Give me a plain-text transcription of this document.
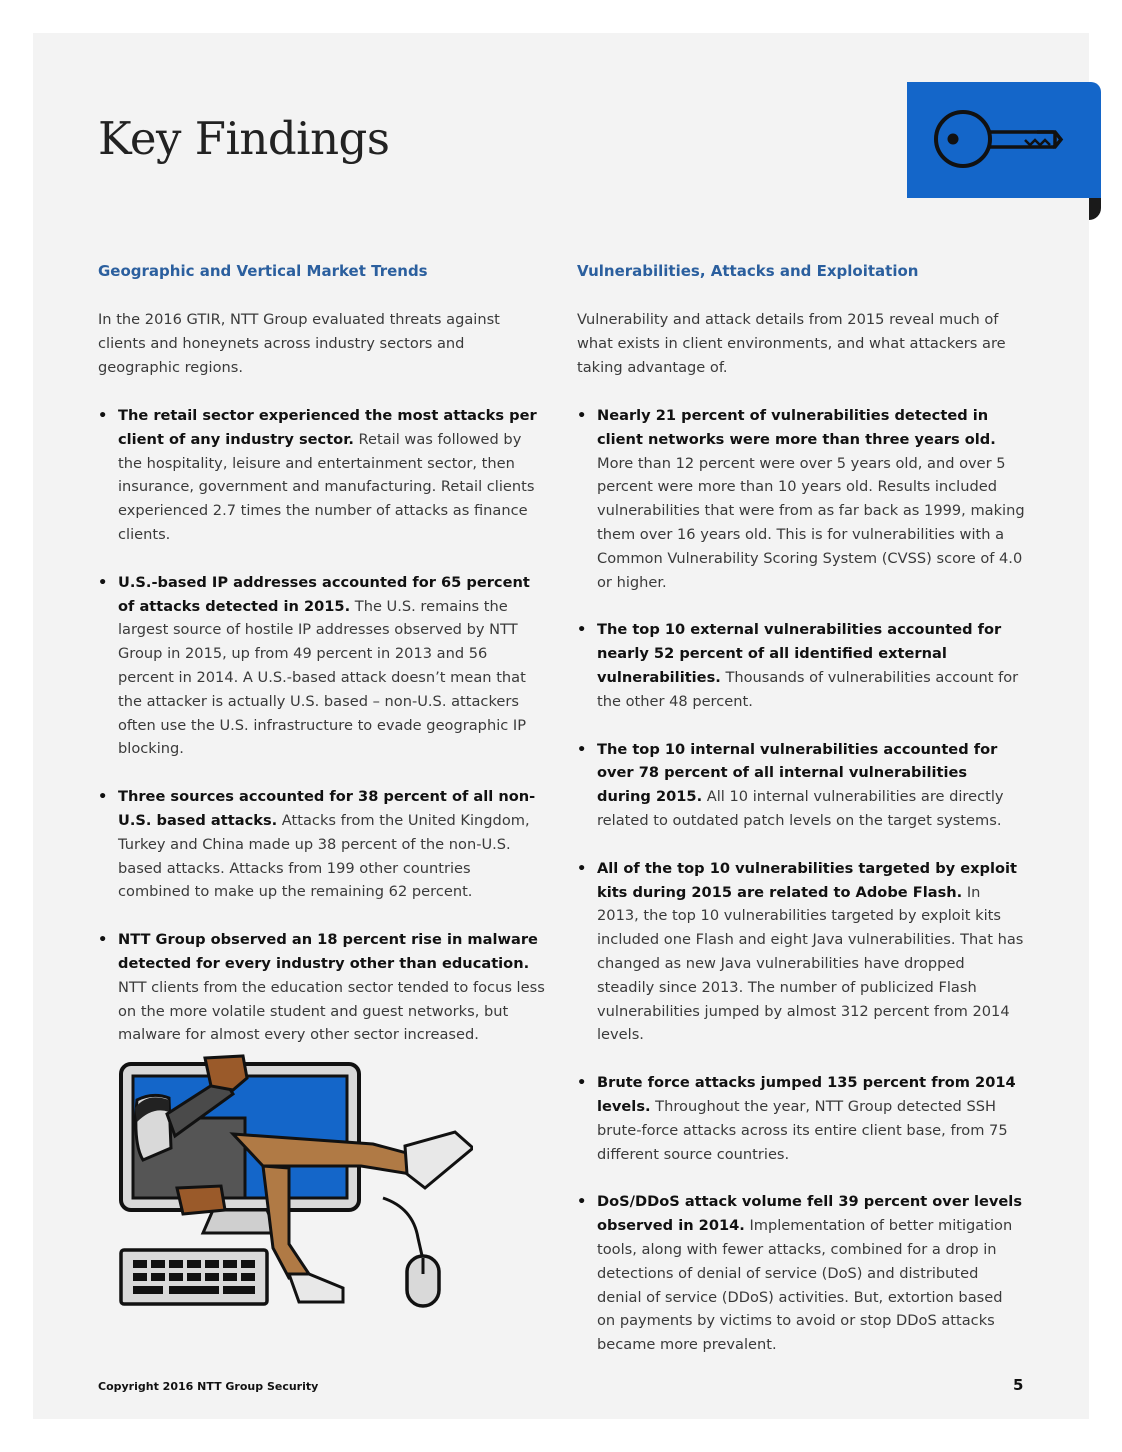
Key Findings
Geographic and Vertical Market Trends

In the 2016 GTIR, NTT Group evaluated threats against clients and honeynets across industry sectors and geographic regions.

• The retail sector experienced the most attacks per client of any industry sector. Retail was followed by the hospitality, leisure and entertainment sector, then insurance, government and manufacturing. Retail clients experienced 2.7 times the number of attacks as finance clients.
• U.S.-based IP addresses accounted for 65 percent of attacks detected in 2015. The U.S. remains the largest source of hostile IP addresses observed by NTT Group in 2015, up from 49 percent in 2013 and 56 percent in 2014. A U.S.-based attack doesn’t mean that the attacker is actually U.S. based – non-U.S. attackers often use the U.S. infrastructure to evade geographic IP blocking.
• Three sources accounted for 38 percent of all non-U.S. based attacks. Attacks from the United Kingdom, Turkey and China made up 38 percent of the non-U.S. based attacks. Attacks from 199 other countries combined to make up the remaining 62 percent.
• NTT Group observed an 18 percent rise in malware detected for every industry other than education. NTT clients from the education sector tended to focus less on the more volatile student and guest networks, but malware for almost every other sector increased.
Vulnerabilities, Attacks and Exploitation

Vulnerability and attack details from 2015 reveal much of what exists in client environments, and what attackers are taking advantage of.

• Nearly 21 percent of vulnerabilities detected in client networks were more than three years old. More than 12 percent were over 5 years old, and over 5 percent were more than 10 years old. Results included vulnerabilities that were from as far back as 1999, making them over 16 years old. This is for vulnerabilities with a Common Vulnerability Scoring System (CVSS) score of 4.0 or higher.
• The top 10 external vulnerabilities accounted for nearly 52 percent of all identified external vulnerabilities. Thousands of vulnerabilities account for the other 48 percent.
• The top 10 internal vulnerabilities accounted for over 78 percent of all internal vulnerabilities during 2015. All 10 internal vulnerabilities are directly related to outdated patch levels on the target systems.
• All of the top 10 vulnerabilities targeted by exploit kits during 2015 are related to Adobe Flash. In 2013, the top 10 vulnerabilities targeted by exploit kits included one Flash and eight Java vulnerabilities. That has changed as new Java vulnerabilities have dropped steadily since 2013. The number of publicized Flash vulnerabilities jumped by almost 312 percent from 2014 levels.
• Brute force attacks jumped 135 percent from 2014 levels. Throughout the year, NTT Group detected SSH brute-force attacks across its entire client base, from 75 different source countries.
• DoS/DDoS attack volume fell 39 percent over levels observed in 2014. Implementation of better mitigation tools, along with fewer attacks, combined for a drop in detections of denial of service (DoS) and distributed denial of service (DDoS) activities. But, extortion based on payments by victims to avoid or stop DDoS attacks became more prevalent.
Copyright 2016 NTT Group Security	5
